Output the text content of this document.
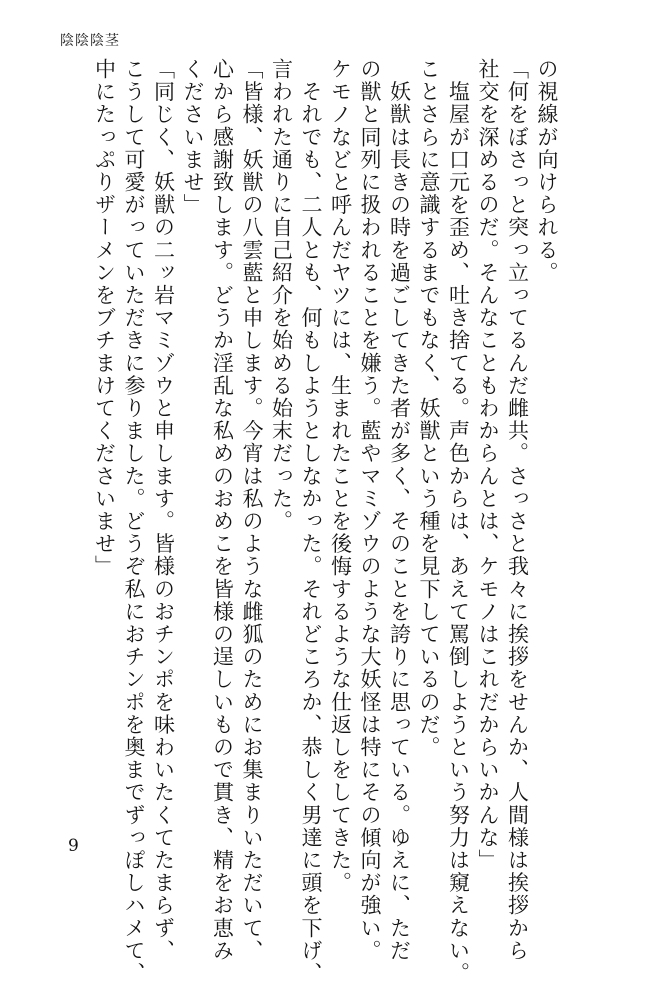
陰陰陰茎
の視線が向けられる。
「何をぼさっと突っ立ってるんだ雌共。さっさと我々に挨拶をせんか、人間様は挨拶から
社交を深めるのだ。そんなこともわからんとは、ケモノはこれだからいかんな」
　塩屋が口元を歪め、吐き捨てる。声色からは、あえて罵倒しようという努力は窺えない。
ことさらに意識するまでもなく、妖獣という種を見下しているのだ。
　妖獣は長きの時を過ごしてきた者が多く、そのことを誇りに思っている。ゆえに、ただ
の獣と同列に扱われることを嫌う。藍やマミゾウのような大妖怪は特にその傾向が強い。
ケモノなどと呼んだヤツには、生まれたことを後悔するような仕返しをしてきた。
　それでも、二人とも、何もしようとしなかった。それどころか、恭しく男達に頭を下げ、
言われた通りに自己紹介を始める始末だった。
「皆様、妖獣の八雲藍と申します。今宵は私のような雌狐のためにお集まりいただいて、
心から感謝致します。どうか淫乱な私めのおめこを皆様の逞しいもので貫き、精をお恵み
くださいませ」
「同じく、妖獣の二ッ岩マミゾウと申します。皆様のおチンポを味わいたくてたまらず、
こうして可愛がっていただきに参りました。どうぞ私におチンポを奥までずっぽしハメて、
中にたっぷりザーメンをブチまけてくださいませ」
9
